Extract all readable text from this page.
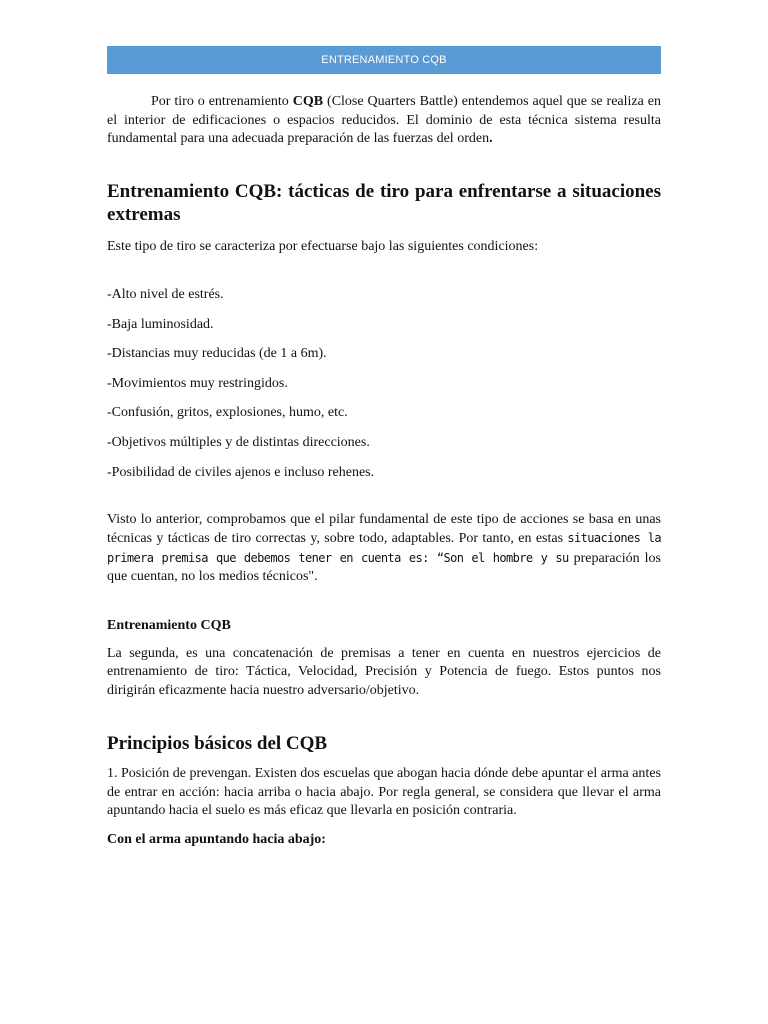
ENTRENAMIENTO CQB

Por tiro o entrenamiento CQB (Close Quarters Battle) entendemos aquel que se realiza en el interior de edificaciones o espacios reducidos. El dominio de esta técnica sistema resulta fundamental para una adecuada preparación de las fuerzas del orden.

Entrenamiento CQB: tácticas de tiro para enfrentarse a situaciones extremas

Este tipo de tiro se caracteriza por efectuarse bajo las siguientes condiciones:

-Alto nivel de estrés.
-Baja luminosidad.
-Distancias muy reducidas (de 1 a 6m).
-Movimientos muy restringidos.
-Confusión, gritos, explosiones, humo, etc.
-Objetivos múltiples y de distintas direcciones.
-Posibilidad de civiles ajenos e incluso rehenes.

Visto lo anterior, comprobamos que el pilar fundamental de este tipo de acciones se basa en unas técnicas y tácticas de tiro correctas y, sobre todo, adaptables. Por tanto, en estas situaciones la primera premisa que debemos tener en cuenta es: “Son el hombre y su preparación los que cuentan, no los medios técnicos".

Entrenamiento CQB

La segunda, es una concatenación de premisas a tener en cuenta en nuestros ejercicios de entrenamiento de tiro: Táctica, Velocidad, Precisión y Potencia de fuego. Estos puntos nos dirigirán eficazmente hacia nuestro adversario/objetivo.

Principios básicos del CQB

1. Posición de prevengan. Existen dos escuelas que abogan hacia dónde debe apuntar el arma antes de entrar en acción: hacia arriba o hacia abajo. Por regla general, se considera que llevar el arma apuntando hacia el suelo es más eficaz que llevarla en posición contraria.

Con el arma apuntando hacia abajo:
